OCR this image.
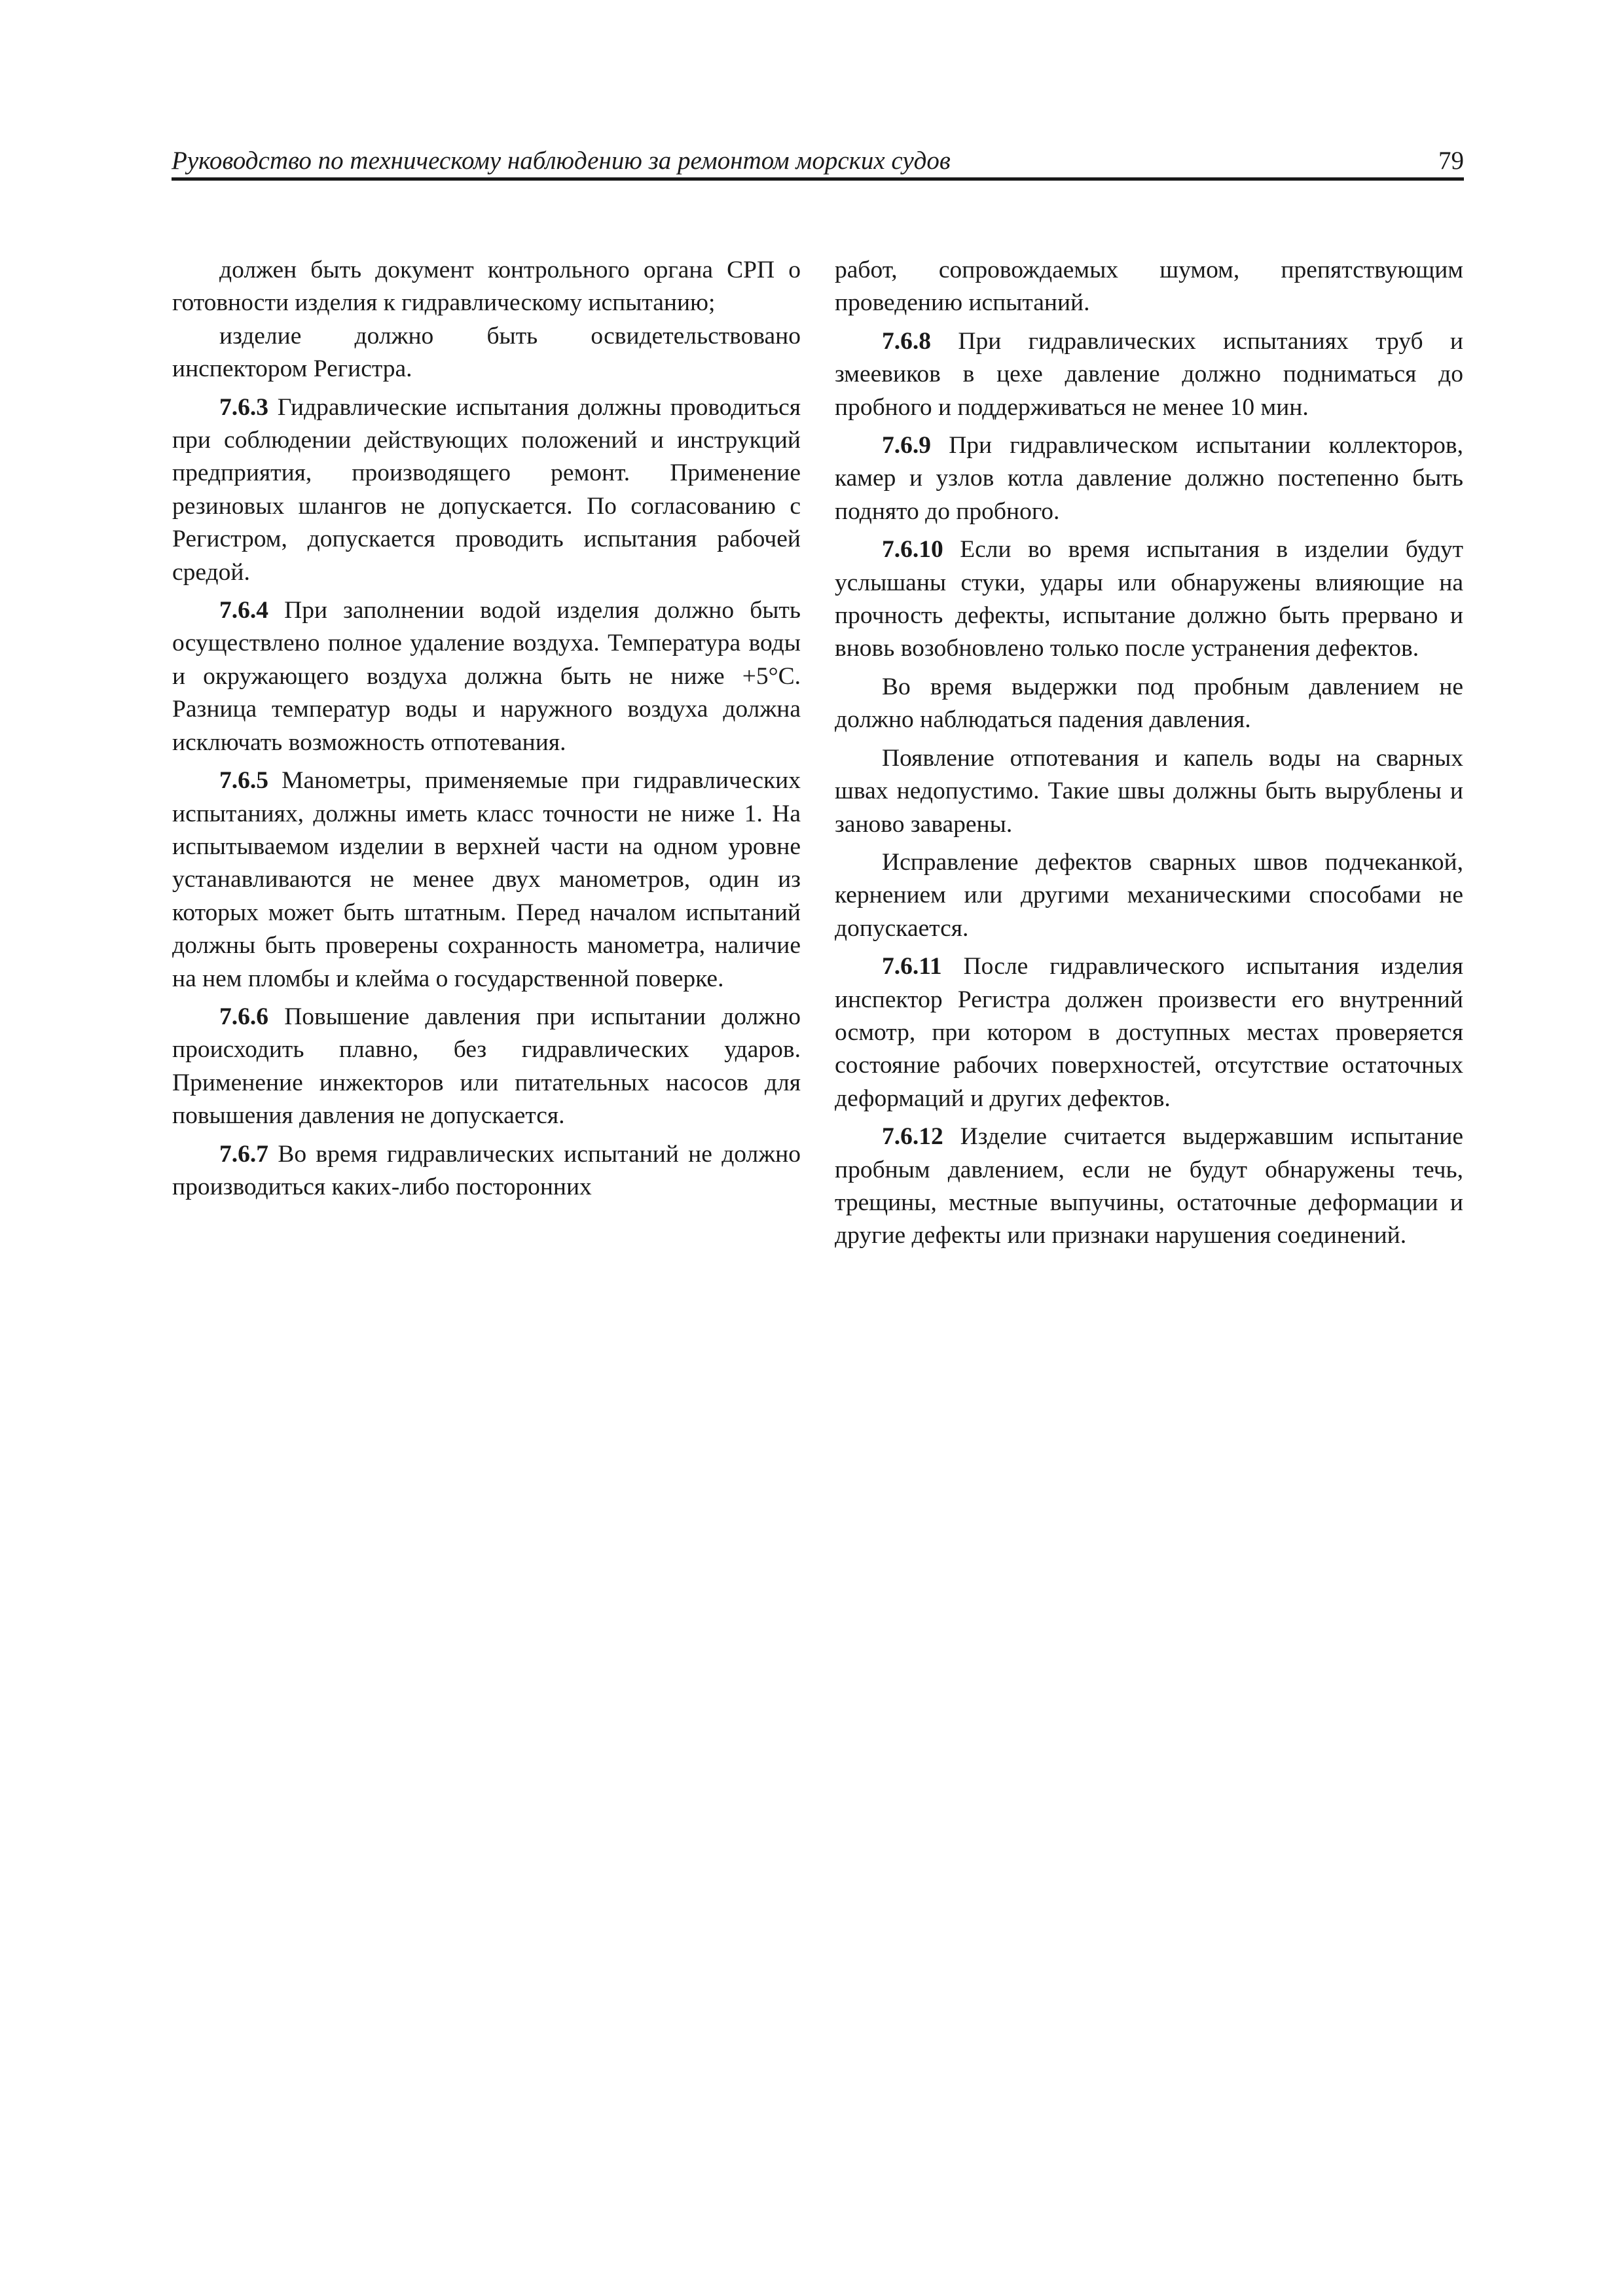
Руководство по техническому наблюдению за ремонтом морских судов	79

должен быть документ контрольного органа СРП о готовности изделия к гидравлическому испытанию;

изделие должно быть освидетельствовано инспектором Регистра.

7.6.3 Гидравлические испытания должны проводиться при соблюдении действующих положений и инструкций предприятия, производящего ремонт. Применение резиновых шлангов не допускается. По согласованию с Регистром, допускается проводить испытания рабочей средой.

7.6.4 При заполнении водой изделия должно быть осуществлено полное удаление воздуха. Температура воды и окружающего воздуха должна быть не ниже +5°С. Разница температур воды и наружного воздуха должна исключать возможность отпотевания.

7.6.5 Манометры, применяемые при гидравлических испытаниях, должны иметь класс точности не ниже 1. На испытываемом изделии в верхней части на одном уровне устанавливаются не менее двух манометров, один из которых может быть штатным. Перед началом испытаний должны быть проверены сохранность манометра, наличие на нем пломбы и клейма о государственной поверке.

7.6.6 Повышение давления при испытании должно происходить плавно, без гидравлических ударов. Применение инжекторов или питательных насосов для повышения давления не допускается.

7.6.7 Во время гидравлических испытаний не должно производиться каких-либо посторонних

работ, сопровождаемых шумом, препятствующим проведению испытаний.

7.6.8 При гидравлических испытаниях труб и змеевиков в цехе давление должно подниматься до пробного и поддерживаться не менее 10 мин.

7.6.9 При гидравлическом испытании коллекторов, камер и узлов котла давление должно постепенно быть поднято до пробного.

7.6.10 Если во время испытания в изделии будут услышаны стуки, удары или обнаружены влияющие на прочность дефекты, испытание должно быть прервано и вновь возобновлено только после устранения дефектов.

Во время выдержки под пробным давлением не должно наблюдаться падения давления.

Появление отпотевания и капель воды на сварных швах недопустимо. Такие швы должны быть вырублены и заново заварены.

Исправление дефектов сварных швов подчеканкой, кернением или другими механическими способами не допускается.

7.6.11 После гидравлического испытания изделия инспектор Регистра должен произвести его внутренний осмотр, при котором в доступных местах проверяется состояние рабочих поверхностей, отсутствие остаточных деформаций и других дефектов.

7.6.12 Изделие считается выдержавшим испытание пробным давлением, если не будут обнаружены течь, трещины, местные выпучины, остаточные деформации и другие дефекты или признаки нарушения соединений.
